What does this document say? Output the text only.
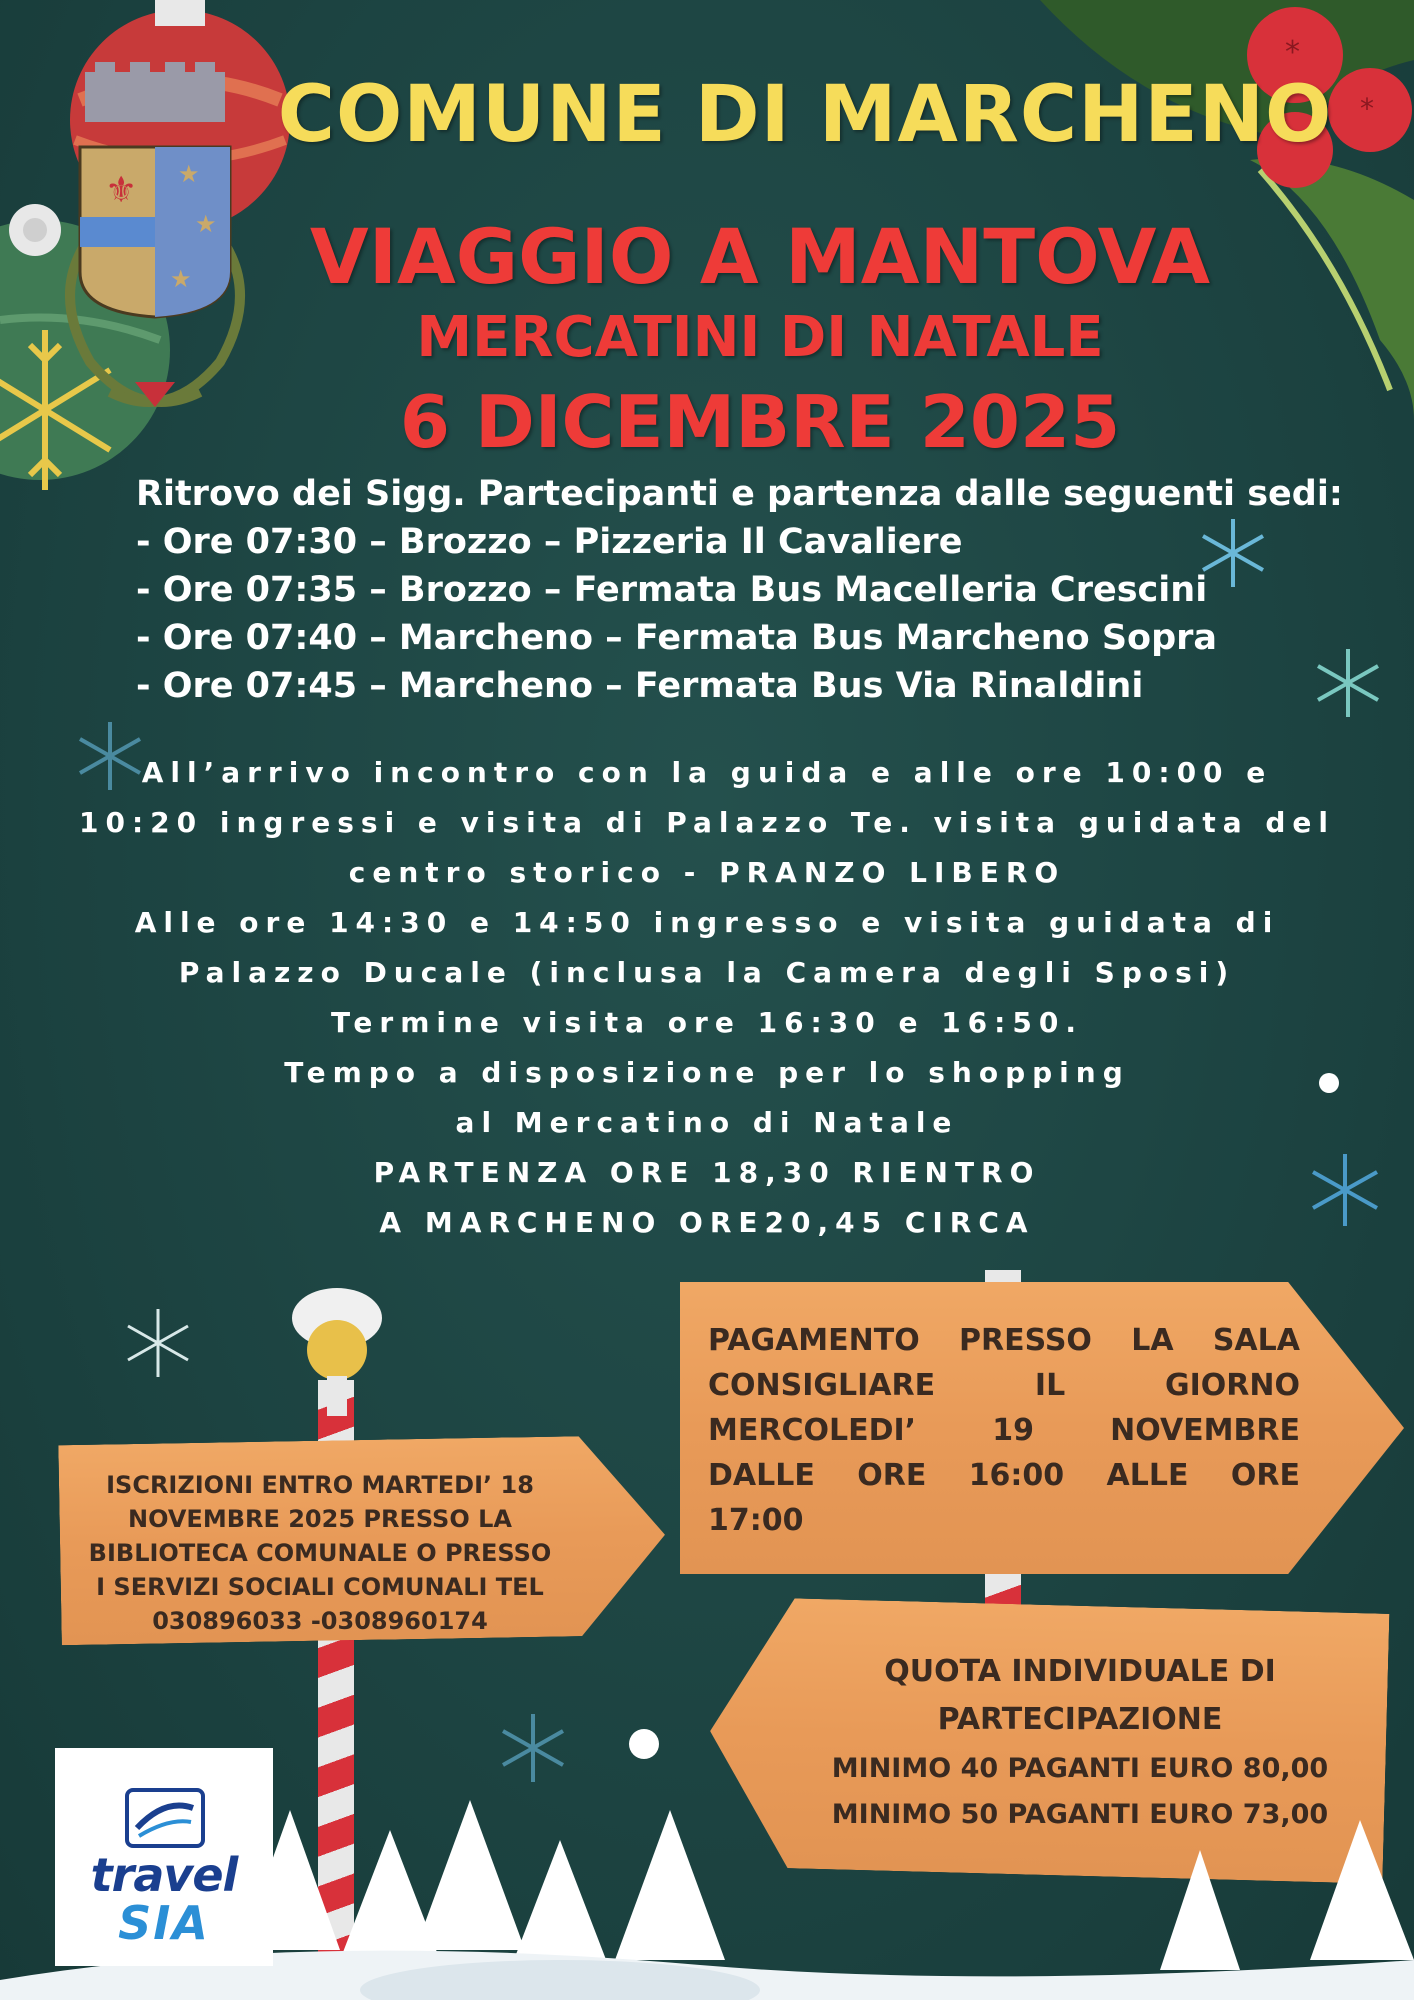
*
*
⚜ ★
★
★
COMUNE DI MARCHENO
VIAGGIO A MANTOVA
MERCATINI DI NATALE
6 DICEMBRE 2025
Ritrovo dei Sigg. Partecipanti e partenza dalle seguenti sedi:
- Ore 07:30 – Brozzo – Pizzeria Il Cavaliere
- Ore 07:35 – Brozzo – Fermata Bus Macelleria Crescini
- Ore 07:40 – Marcheno – Fermata Bus Marcheno Sopra
- Ore 07:45 – Marcheno – Fermata Bus Via Rinaldini
All’arrivo incontro con la guida e alle ore 10:00 e
10:20 ingressi e visita di Palazzo Te. visita guidata del
centro storico - PRANZO LIBERO
Alle ore 14:30 e 14:50 ingresso e visita guidata di
Palazzo Ducale (inclusa la Camera degli Sposi)
Termine visita ore 16:30 e 16:50.
Tempo a disposizione per lo shopping
al Mercatino di Natale
PARTENZA ORE 18,30 RIENTRO
A MARCHENO ORE20,45 CIRCA
ISCRIZIONI ENTRO MARTEDI’ 18
NOVEMBRE 2025 PRESSO LA
BIBLIOTECA COMUNALE O PRESSO
I SERVIZI SOCIALI COMUNALI TEL
030896033 -0308960174
PAGAMENTO PRESSO LA SALA
CONSIGLIARE	IL	GIORNO
MERCOLEDI’	19	NOVEMBRE
DALLE ORE 16:00 ALLE ORE
17:00
QUOTA INDIVIDUALE DI
PARTECIPAZIONE
MINIMO 40 PAGANTI EURO 80,00
MINIMO 50 PAGANTI EURO 73,00
travel
SIA
